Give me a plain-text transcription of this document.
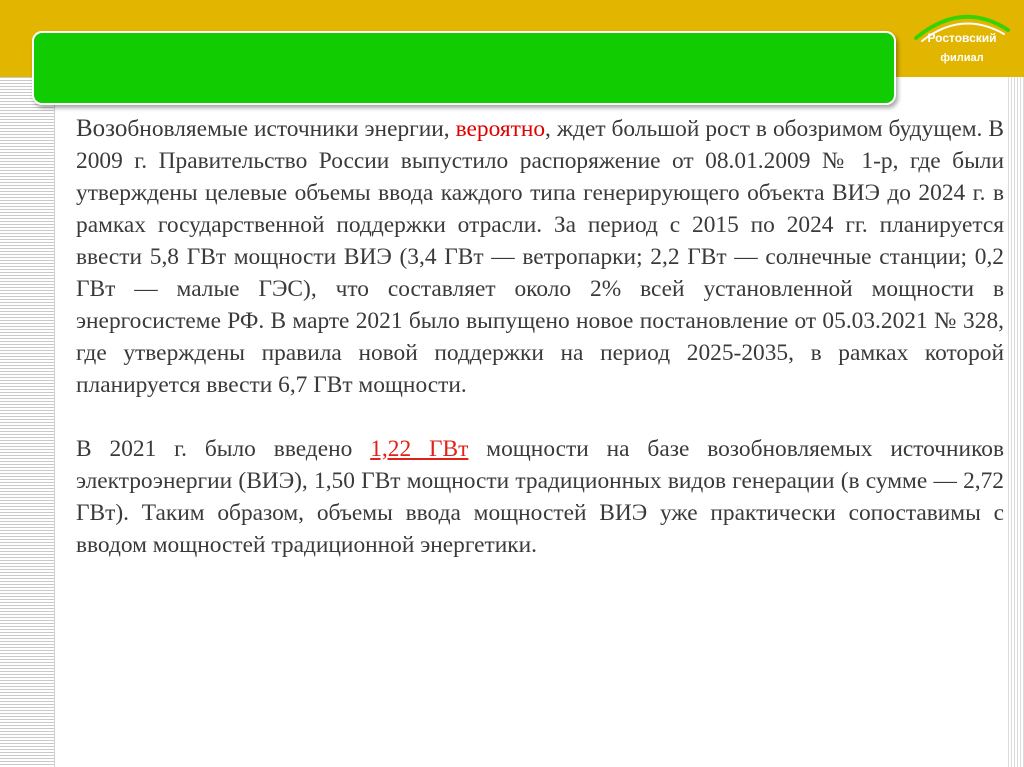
Ростовский
филиал

Возобновляемые источники энергии, вероятно, ждет большой рост в обозримом будущем. В 2009 г. Правительство России выпустило распоряжение от 08.01.2009 № 1-р, где были утверждены целевые объемы ввода каждого типа генерирующего объекта ВИЭ до 2024 г. в рамках государственной поддержки отрасли. За период с 2015 по 2024 гг. планируется ввести 5,8 ГВт мощности ВИЭ (3,4 ГВт — ветропарки; 2,2 ГВт — солнечные станции; 0,2 ГВт — малые ГЭС), что составляет около 2% всей установленной мощности в энергосистеме РФ. В марте 2021 было выпущено новое постановление от 05.03.2021 № 328, где утверждены правила новой поддержки на период 2025-2035, в рамках которой планируется ввести 6,7 ГВт мощности.

В 2021 г. было введено 1,22 ГВт мощности на базе возобновляемых источников электроэнергии (ВИЭ), 1,50 ГВт мощности традиционных видов генерации (в сумме — 2,72 ГВт). Таким образом, объемы ввода мощностей ВИЭ уже практически сопоставимы с вводом мощностей традиционной энергетики.
